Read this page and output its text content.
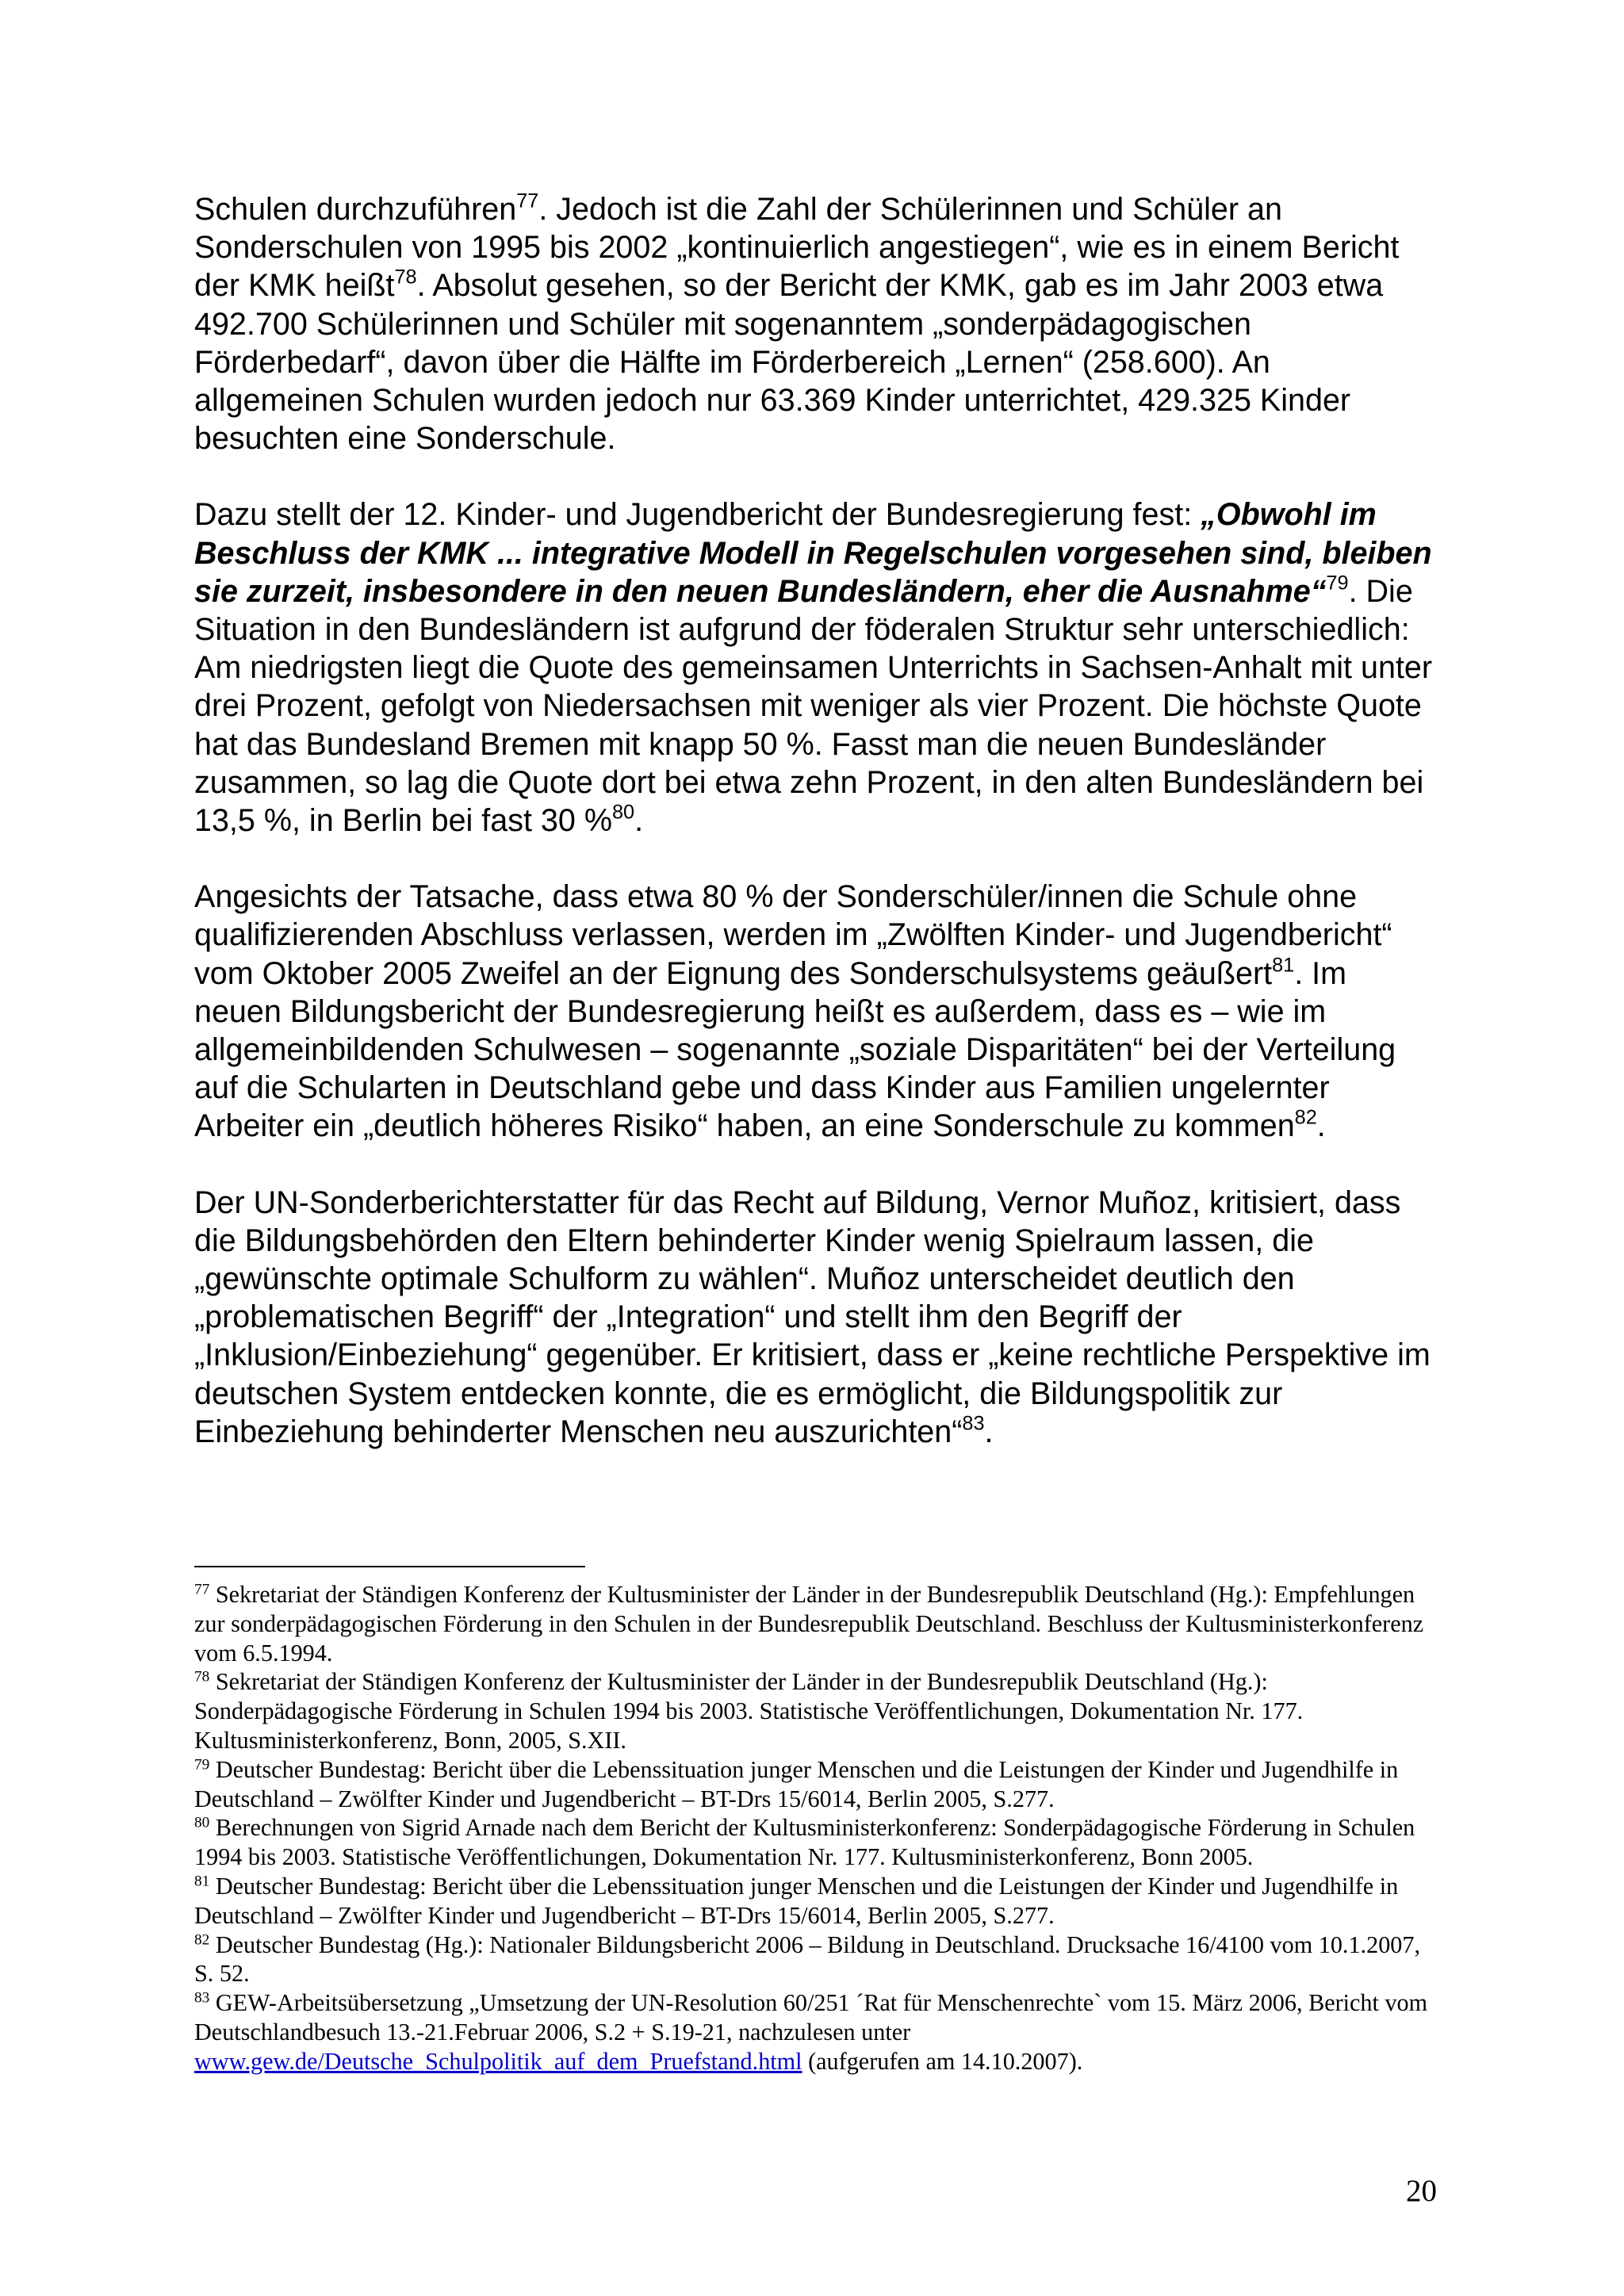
Schulen durchzuführen$^{77}$. Jedoch ist die Zahl der Schülerinnen und Schüler an Sonderschulen von 1995 bis 2002 „kontinuierlich angestiegen“, wie es in einem Bericht der KMK heißt$^{78}$. Absolut gesehen, so der Bericht der KMK, gab es im Jahr 2003 etwa 492.700 Schülerinnen und Schüler mit sogenanntem „sonderpädagogischen Förderbedarf“, davon über die Hälfte im Förderbereich „Lernen“ (258.600). An allgemeinen Schulen wurden jedoch nur 63.369 Kinder unterrichtet, 429.325 Kinder besuchten eine Sonderschule.

Dazu stellt der 12. Kinder- und Jugendbericht der Bundesregierung fest: „Obwohl im Beschluss der KMK ... integrative Modell in Regelschulen vorgesehen sind, bleiben sie zurzeit, insbesondere in den neuen Bundesländern, eher die Ausnahme“$^{79}$. Die Situation in den Bundesländern ist aufgrund der föderalen Struktur sehr unterschiedlich: Am niedrigsten liegt die Quote des gemeinsamen Unterrichts in Sachsen-Anhalt mit unter drei Prozent, gefolgt von Niedersachsen mit weniger als vier Prozent. Die höchste Quote hat das Bundesland Bremen mit knapp 50 %. Fasst man die neuen Bundesländer zusammen, so lag die Quote dort bei etwa zehn Prozent, in den alten Bundesländern bei 13,5 %, in Berlin bei fast 30 %$^{80}$.

Angesichts der Tatsache, dass etwa 80 % der Sonderschüler/innen die Schule ohne qualifizierenden Abschluss verlassen, werden im „Zwölften Kinder- und Jugendbericht“ vom Oktober 2005 Zweifel an der Eignung des Sonderschulsystems geäußert$^{81}$. Im neuen Bildungsbericht der Bundesregierung heißt es außerdem, dass es – wie im allgemeinbildenden Schulwesen – sogenannte „soziale Disparitäten“ bei der Verteilung auf die Schularten in Deutschland gebe und dass Kinder aus Familien ungelernter Arbeiter ein „deutlich höheres Risiko“ haben, an eine Sonderschule zu kommen$^{82}$.

Der UN-Sonderberichterstatter für das Recht auf Bildung, Vernor Muñoz, kritisiert, dass die Bildungsbehörden den Eltern behinderter Kinder wenig Spielraum lassen, die „gewünschte optimale Schulform zu wählen“. Muñoz unterscheidet deutlich den „problematischen Begriff“ der „Integration“ und stellt ihm den Begriff der „Inklusion/Einbeziehung“ gegenüber. Er kritisiert, dass er „keine rechtliche Perspektive im deutschen System entdecken konnte, die es ermöglicht, die Bildungspolitik zur Einbeziehung behinderter Menschen neu auszurichten“$^{83}$.

$^{77}$ Sekretariat der Ständigen Konferenz der Kultusminister der Länder in der Bundesrepublik Deutschland (Hg.): Empfehlungen zur sonderpädagogischen Förderung in den Schulen in der Bundesrepublik Deutschland. Beschluss der Kultusministerkonferenz vom 6.5.1994.

$^{78}$ Sekretariat der Ständigen Konferenz der Kultusminister der Länder in der Bundesrepublik Deutschland (Hg.): Sonderpädagogische Förderung in Schulen 1994 bis 2003. Statistische Veröffentlichungen, Dokumentation Nr. 177. Kultusministerkonferenz, Bonn, 2005, S.XII.

$^{79}$ Deutscher Bundestag: Bericht über die Lebenssituation junger Menschen und die Leistungen der Kinder und Jugendhilfe in Deutschland – Zwölfter Kinder und Jugendbericht – BT-Drs 15/6014, Berlin 2005, S.277.

$^{80}$ Berechnungen von Sigrid Arnade nach dem Bericht der Kultusministerkonferenz: Sonderpädagogische Förderung in Schulen 1994 bis 2003. Statistische Veröffentlichungen, Dokumentation Nr. 177. Kultusministerkonferenz, Bonn 2005.

$^{81}$ Deutscher Bundestag: Bericht über die Lebenssituation junger Menschen und die Leistungen der Kinder und Jugendhilfe in Deutschland – Zwölfter Kinder und Jugendbericht – BT-Drs 15/6014, Berlin 2005, S.277.

$^{82}$ Deutscher Bundestag (Hg.): Nationaler Bildungsbericht 2006 – Bildung in Deutschland. Drucksache 16/4100 vom 10.1.2007, S. 52.

$^{83}$ GEW-Arbeitsübersetzung „Umsetzung der UN-Resolution 60/251 ´Rat für Menschenrechte` vom 15. März 2006, Bericht vom Deutschlandbesuch 13.-21.Februar 2006, S.2 + S.19-21, nachzulesen unter www.gew.de/Deutsche_Schulpolitik_auf_dem_Pruefstand.html (aufgerufen am 14.10.2007).

20
